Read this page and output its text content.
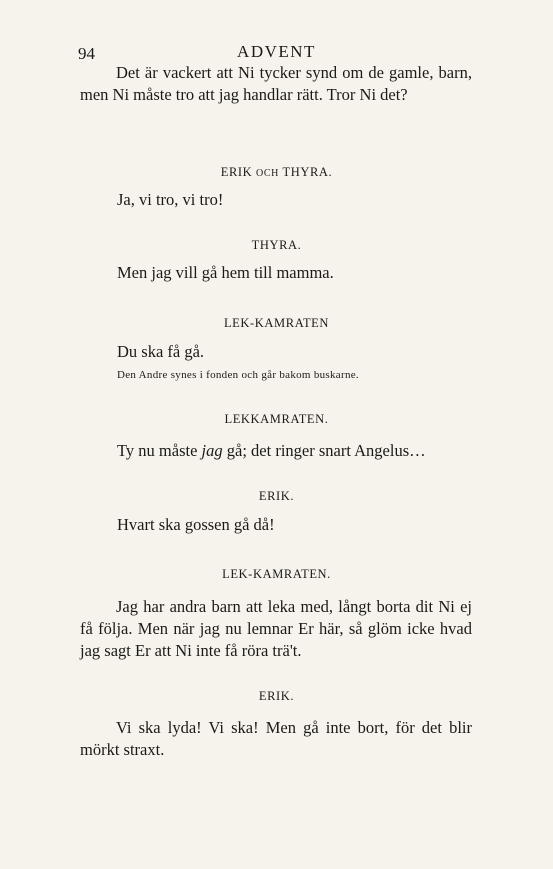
94	ADVENT
Det är vackert att Ni tycker synd om de gamle, barn, men Ni måste tro att jag handlar rätt. Tror Ni det?
ERIK OCH THYRA.
Ja, vi tro, vi tro!
THYRA.
Men jag vill gå hem till mamma.
LEK-KAMRATEN
Du ska få gå.
Den Andre synes i fonden och går bakom buskarne.
LEKKAMRATEN.
Ty nu måste jag gå; det ringer snart Angelus…
ERIK.
Hvart ska gossen gå då!
LEK-KAMRATEN.
Jag har andra barn att leka med, långt borta dit Ni ej få följa. Men när jag nu lemnar Er här, så glöm icke hvad jag sagt Er att Ni inte få röra trä't.
ERIK.
Vi ska lyda! Vi ska! Men gå inte bort, för det blir mörkt straxt.
